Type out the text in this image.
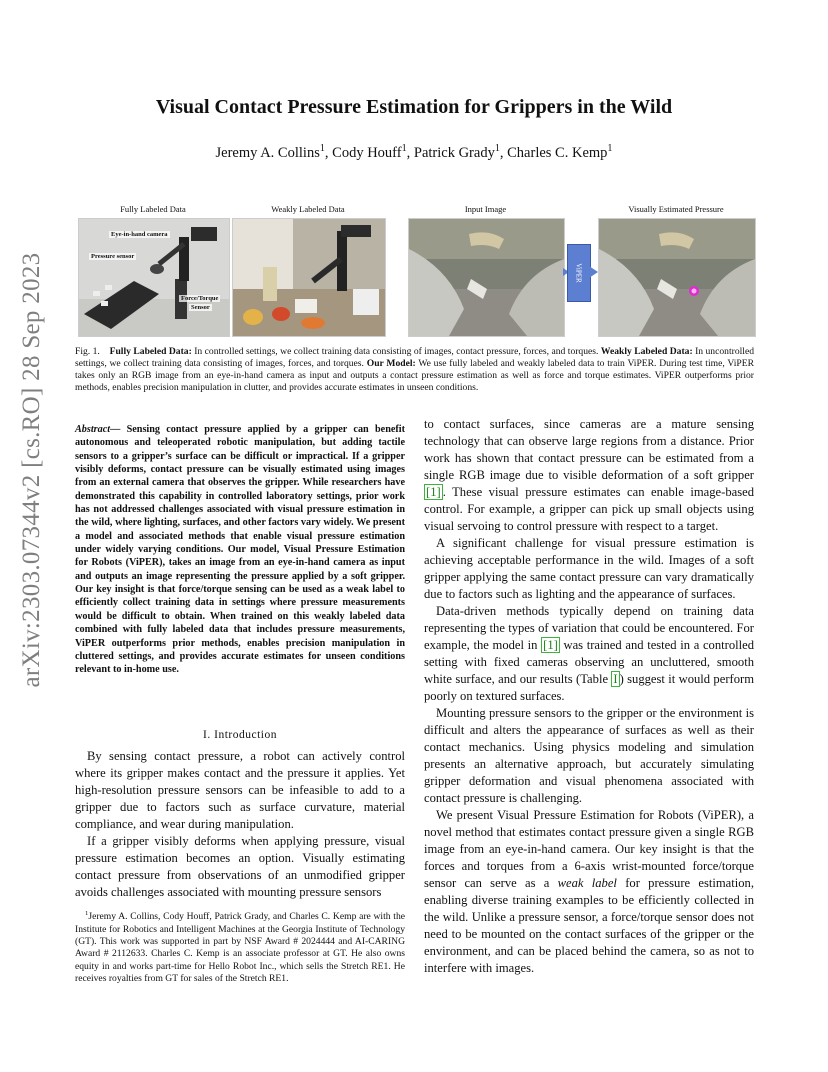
arXiv:2303.07344v2 [cs.RO] 28 Sep 2023
Visual Contact Pressure Estimation for Grippers in the Wild
Jeremy A. Collins$^1$, Cody Houff$^1$, Patrick Grady$^1$, Charles C. Kemp$^1$
Fully Labeled Data	Weakly Labeled Data	Input Image	Visually Estimated Pressure
Eye-in-hand camera
Pressure sensor
Force/Torque
Sensor
ViPER
Fig. 1. Fully Labeled Data: In controlled settings, we collect training data consisting of images, contact pressure, forces, and torques. Weakly Labeled Data: In uncontrolled settings, we collect training data consisting of images, forces, and torques. Our Model: We use fully labeled and weakly labeled data to train ViPER. During test time, ViPER takes only an RGB image from an eye-in-hand camera as input and outputs a contact pressure estimation as well as force and torque estimates. ViPER outperforms prior methods, enables precision manipulation in clutter, and provides accurate estimates in unseen conditions.
Abstract— Sensing contact pressure applied by a gripper can benefit autonomous and teleoperated robotic manipulation, but adding tactile sensors to a gripper’s surface can be difficult or impractical. If a gripper visibly deforms, contact pressure can be visually estimated using images from an external camera that observes the gripper. While researchers have demonstrated this capability in controlled laboratory settings, prior work has not addressed challenges associated with visual pressure estimation in the wild, where lighting, surfaces, and other factors vary widely. We present a model and associated methods that enable visual pressure estimation under widely varying conditions. Our model, Visual Pressure Estimation for Robots (ViPER), takes an image from an eye-in-hand camera as input and outputs an image representing the pressure applied by a soft gripper. Our key insight is that force/torque sensing can be used as a weak label to efficiently collect training data in settings where pressure measurements would be difficult to obtain. When trained on this weakly labeled data combined with fully labeled data that includes pressure measurements, ViPER outperforms prior methods, enables precision manipulation in cluttered settings, and provides accurate estimates for unseen conditions relevant to in-home use.
I. Introduction

By sensing contact pressure, a robot can actively control where its gripper makes contact and the pressure it applies. Yet high-resolution pressure sensors can be infeasible to add to a gripper due to factors such as surface curvature, material compliance, and wear during manipulation.

If a gripper visibly deforms when applying pressure, visual pressure estimation becomes an option. Visually estimating contact pressure from observations of an unmodified gripper avoids challenges associated with mounting pressure sensors

$^1$Jeremy A. Collins, Cody Houff, Patrick Grady, and Charles C. Kemp are with the Institute for Robotics and Intelligent Machines at the Georgia Institute of Technology (GT). This work was supported in part by NSF Award # 2024444 and AI-CARING Award # 2112633. Charles C. Kemp is an associate professor at GT. He also owns equity in and works part-time for Hello Robot Inc., which sells the Stretch RE1. He receives royalties from GT for sales of the Stretch RE1.

to contact surfaces, since cameras are a mature sensing technology that can observe large regions from a distance. Prior work has shown that contact pressure can be estimated from a single RGB image due to visible deformation of a soft gripper [1] . These visual pressure estimates can enable image-based control. For example, a gripper can pick up small objects using visual servoing to control pressure with respect to a target.

A significant challenge for visual pressure estimation is achieving acceptable performance in the wild. Images of a soft gripper applying the same contact pressure can vary dramatically due to factors such as lighting and the appearance of surfaces.

Data-driven methods typically depend on training data representing the types of variation that could be encountered. For example, the model in [1] was trained and tested in a controlled setting with fixed cameras observing an uncluttered, smooth white surface, and our results (Table I ) suggest it would perform poorly on textured surfaces.

Mounting pressure sensors to the gripper or the environment is difficult and alters the appearance of surfaces as well as their contact mechanics. Using physics modeling and simulation presents an alternative approach, but accurately simulating gripper deformation and visual phenomena associated with contact pressure is challenging.

We present Visual Pressure Estimation for Robots (ViPER), a novel method that estimates contact pressure given a single RGB image from an eye-in-hand camera. Our key insight is that the forces and torques from a 6-axis wrist-mounted force/torque sensor can serve as a weak label for pressure estimation, enabling diverse training examples to be efficiently collected in the wild. Unlike a pressure sensor, a force/torque sensor does not need to be mounted on the contact surfaces of the gripper or the environment, and can be placed behind the camera, so as not to interfere with images.
